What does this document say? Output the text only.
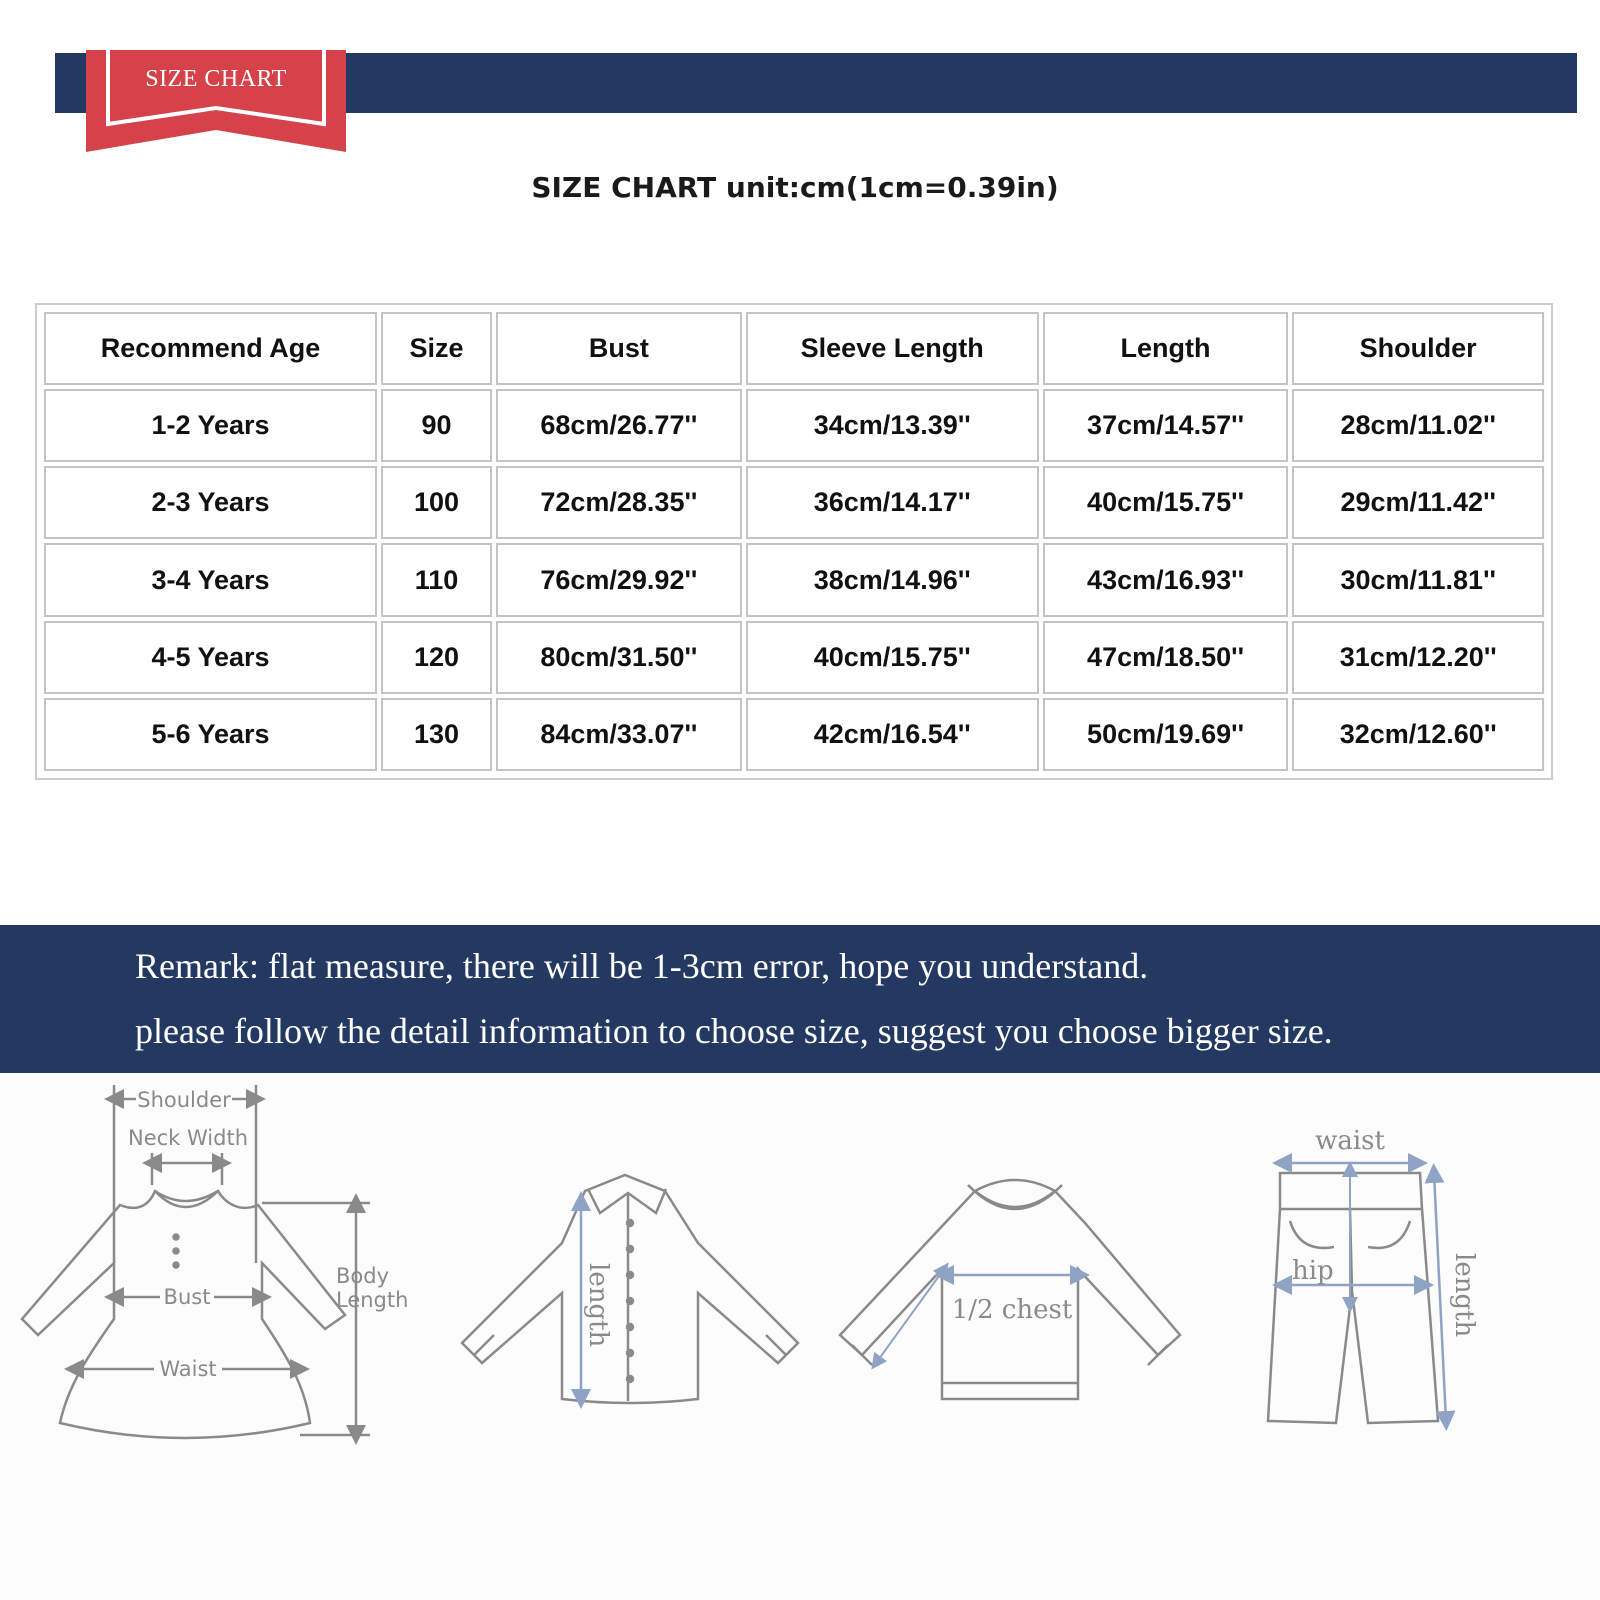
SIZE CHART
SIZE CHART unit:cm(1cm=0.39in)
Recommend Age	Size	Bust	Sleeve Length	Length	Shoulder
1-2 Years	90	68cm/26.77''	34cm/13.39''	37cm/14.57''	28cm/11.02''
2-3 Years	100	72cm/28.35''	36cm/14.17''	40cm/15.75''	29cm/11.42''
3-4 Years	110	76cm/29.92''	38cm/14.96''	43cm/16.93''	30cm/11.81''
4-5 Years	120	80cm/31.50''	40cm/15.75''	47cm/18.50''	31cm/12.20''
5-6 Years	130	84cm/33.07''	42cm/16.54''	50cm/19.69''	32cm/12.60''

Remark: flat measure, there will be 1-3cm error, hope you understand.

please follow the detail information to choose size, suggest you choose bigger size.

Shoulder
Neck Width
Bust
Waist
Body
Length	length	1/2 chest
waist
hip	length
